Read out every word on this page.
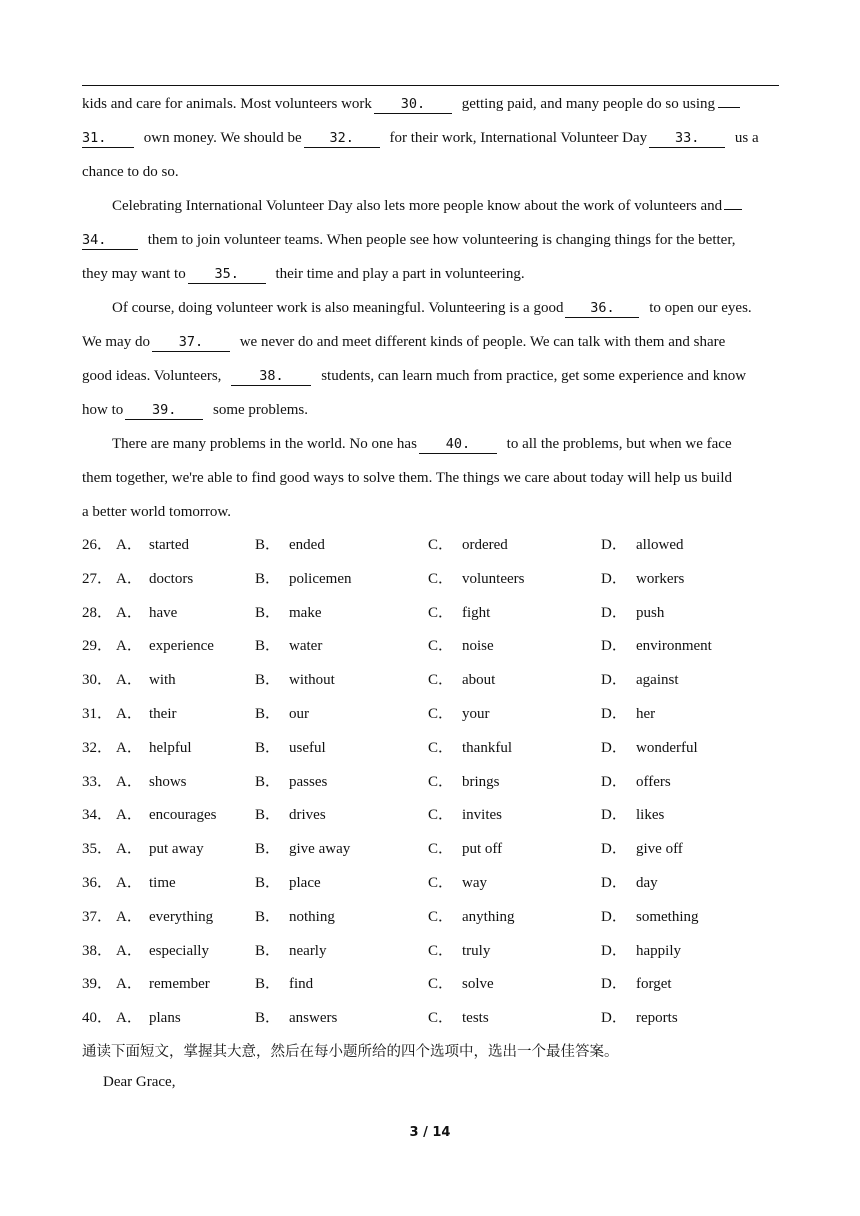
kids and care for animals. Most volunteers work 30. getting paid, and many people do so using
31. own money. We should be 32. for their work, International Volunteer Day 33. us a
chance to do so.
Celebrating International Volunteer Day also lets more people know about the work of volunteers and
34.	them to join volunteer teams. When people see how volunteering is changing things for the better,
they may want to 35. their time and play a part in volunteering.
Of course, doing volunteer work is also meaningful. Volunteering is a good 36. to open our eyes.
We may do 37. we never do and meet different kinds of people. We can talk with them and share
good ideas. Volunteers,	38.	students, can learn much from practice, get some experience and know
how to 39. some problems.
There are many problems in the world. No one has 40. to all the problems, but when we face
them together, we're able to find good ways to solve them. The things we care about today will help us build
a better world tomorrow.
26． A． started	B． ended	C． ordered	D． allowed
27． A． doctors	B． policemen	C． volunteers	D． workers
28． A． have	B． make	C． fight	D． push
29． A． experience	B． water	C． noise	D． environment
30． A． with	B． without	C． about	D． against
31． A． their	B． our	C． your	D． her
32． A． helpful	B． useful	C． thankful	D． wonderful
33． A． shows	B． passes	C． brings	D． offers
34． A． encourages	B． drives	C． invites	D． likes
35． A． put away	B． give away	C． put off	D． give off
36． A． time	B． place	C． way	D． day
37． A． everything	B． nothing	C． anything	D． something
38． A． especially	B． nearly	C． truly	D． happily
39． A． remember	B． find	C． solve	D． forget
40． A． plans	B． answers	C． tests	D． reports
通读下面短文，掌握其大意，然后在每小题所给的四个选项中，选出一个最佳答案。
Dear Grace,
3 / 14
